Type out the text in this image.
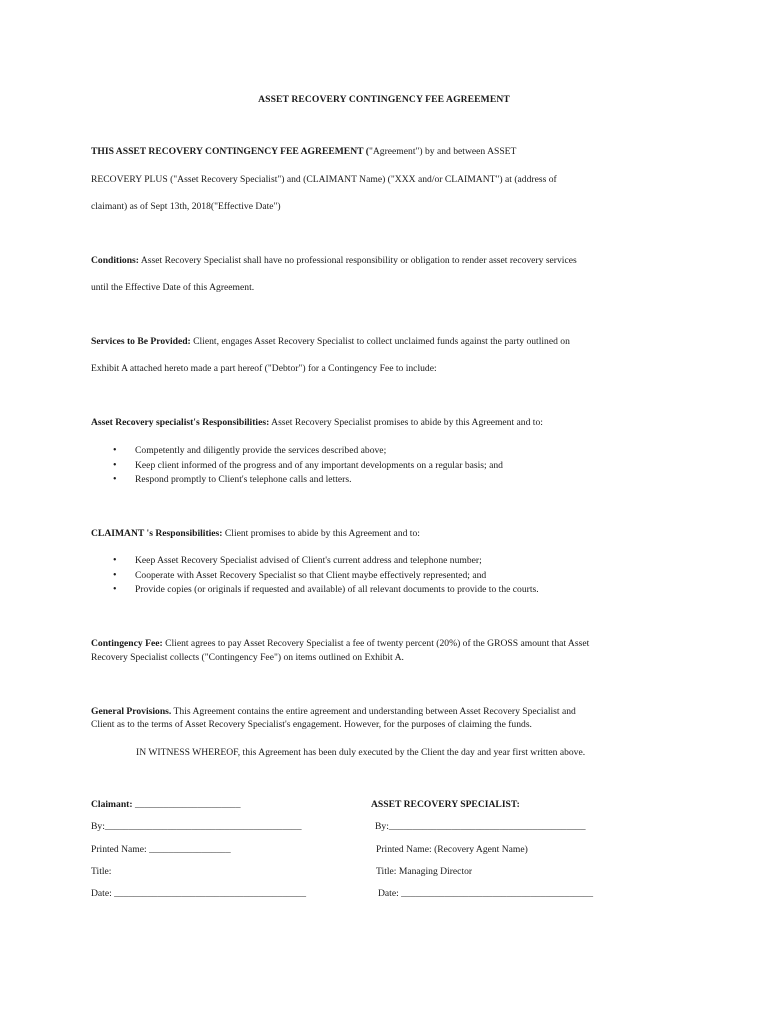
ASSET RECOVERY CONTINGENCY FEE AGREEMENT
THIS ASSET RECOVERY CONTINGENCY FEE AGREEMENT ("Agreement") by and between ASSET
RECOVERY PLUS ("Asset Recovery Specialist") and (CLAIMANT Name) ("XXX and/or CLAIMANT") at (address of
claimant) as of Sept 13th, 2018("Effective Date")
Conditions: Asset Recovery Specialist shall have no professional responsibility or obligation to render asset recovery services
until the Effective Date of this Agreement.
Services to Be Provided: Client, engages Asset Recovery Specialist to collect unclaimed funds against the party outlined on
Exhibit A attached hereto made a part hereof ("Debtor") for a Contingency Fee to include:
Asset Recovery specialist's Responsibilities: Asset Recovery Specialist promises to abide by this Agreement and to:
• Competently and diligently provide the services described above;
• Keep client informed of the progress and of any important developments on a regular basis; and
• Respond promptly to Client's telephone calls and letters.
CLAIMANT 's Responsibilities: Client promises to abide by this Agreement and to:
• Keep Asset Recovery Specialist advised of Client's current address and telephone number;
• Cooperate with Asset Recovery Specialist so that Client maybe effectively represented; and
• Provide copies (or originals if requested and available) of all relevant documents to provide to the courts.
Contingency Fee: Client agrees to pay Asset Recovery Specialist a fee of twenty percent (20%) of the GROSS amount that Asset
Recovery Specialist collects ("Contingency Fee") on items outlined on Exhibit A.
General Provisions. This Agreement contains the entire agreement and understanding between Asset Recovery Specialist and
Client as to the terms of Asset Recovery Specialist's engagement. However, for the purposes of claiming the funds.
IN WITNESS WHEREOF, this Agreement has been duly executed by the Client the day and year first written above.
Claimant: ______________________
By:_________________________________________
Printed Name: _________________
Title:
Date: ________________________________________
ASSET RECOVERY SPECIALIST:
By:_________________________________________
Printed Name: (Recovery Agent Name)
Title: Managing Director
Date: ________________________________________
